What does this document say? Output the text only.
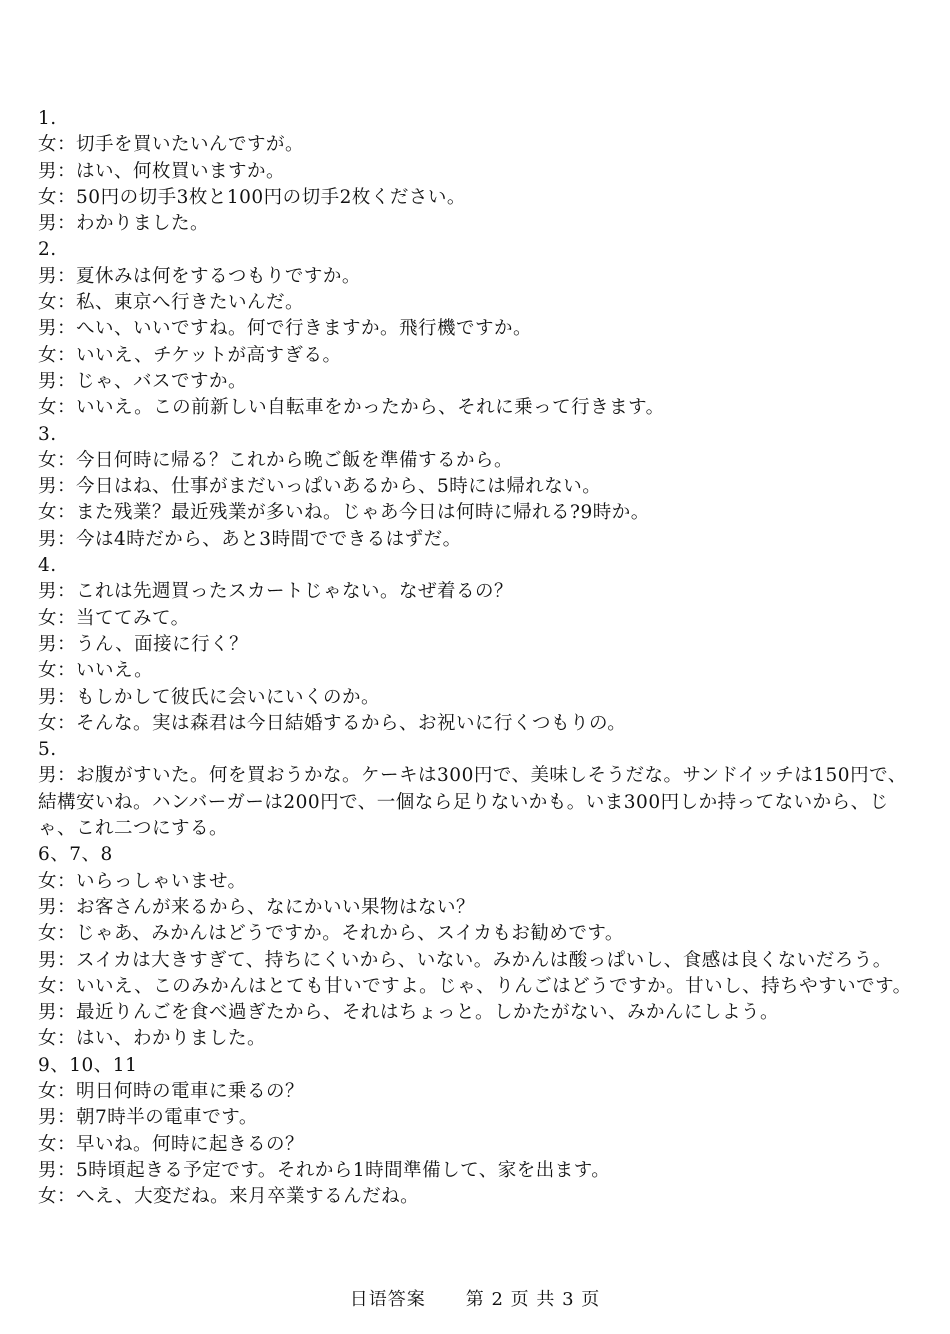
1.

女：切手を買いたいんですが。

男：はい、何枚買いますか。

女：50円の切手3枚と100円の切手2枚ください。

男：わかりました。

2.

男：夏休みは何をするつもりですか。

女：私、東京へ行きたいんだ。

男：へい、いいですね。何で行きますか。飛行機ですか。

女：いいえ、チケットが高すぎる。

男：じゃ、バスですか。

女：いいえ。この前新しい自転車をかったから、それに乗って行きます。

3.

女：今日何時に帰る？これから晩ご飯を準備するから。

男：今日はね、仕事がまだいっぱいあるから、5時には帰れない。

女：また残業？最近残業が多いね。じゃあ今日は何時に帰れる?9時か。

男：今は4時だから、あと3時間でできるはずだ。

4.

男：これは先週買ったスカートじゃない。なぜ着るの？

女：当ててみて。

男：うん、面接に行く？

女：いいえ。

男：もしかして彼氏に会いにいくのか。

女：そんな。実は森君は今日結婚するから、お祝いに行くつもりの。

5.

男：お腹がすいた。何を買おうかな。ケーキは300円で、美味しそうだな。サンドイッチは150円で、結構安いね。ハンバーガーは200円で、一個なら足りないかも。いま300円しか持ってないから、じゃ、これ二つにする。

6、7、8

女：いらっしゃいませ。

男：お客さんが来るから、なにかいい果物はない？

女：じゃあ、みかんはどうですか。それから、スイカもお勧めです。

男：スイカは大きすぎて、持ちにくいから、いない。みかんは酸っぱいし、食感は良くないだろう。

女：いいえ、このみかんはとても甘いですよ。じゃ、りんごはどうですか。甘いし、持ちやすいです。

男：最近りんごを食べ過ぎたから、それはちょっと。しかたがない、みかんにしよう。

女：はい、わかりました。

9、10、11

女：明日何時の電車に乗るの？

男：朝7時半の電車です。

女：早いね。何時に起きるの？

男：5時頃起きる予定です。それから1時間準備して、家を出ます。

女：へえ、大変だね。来月卒業するんだね。

日语答案 第 2 页 共 3 页
